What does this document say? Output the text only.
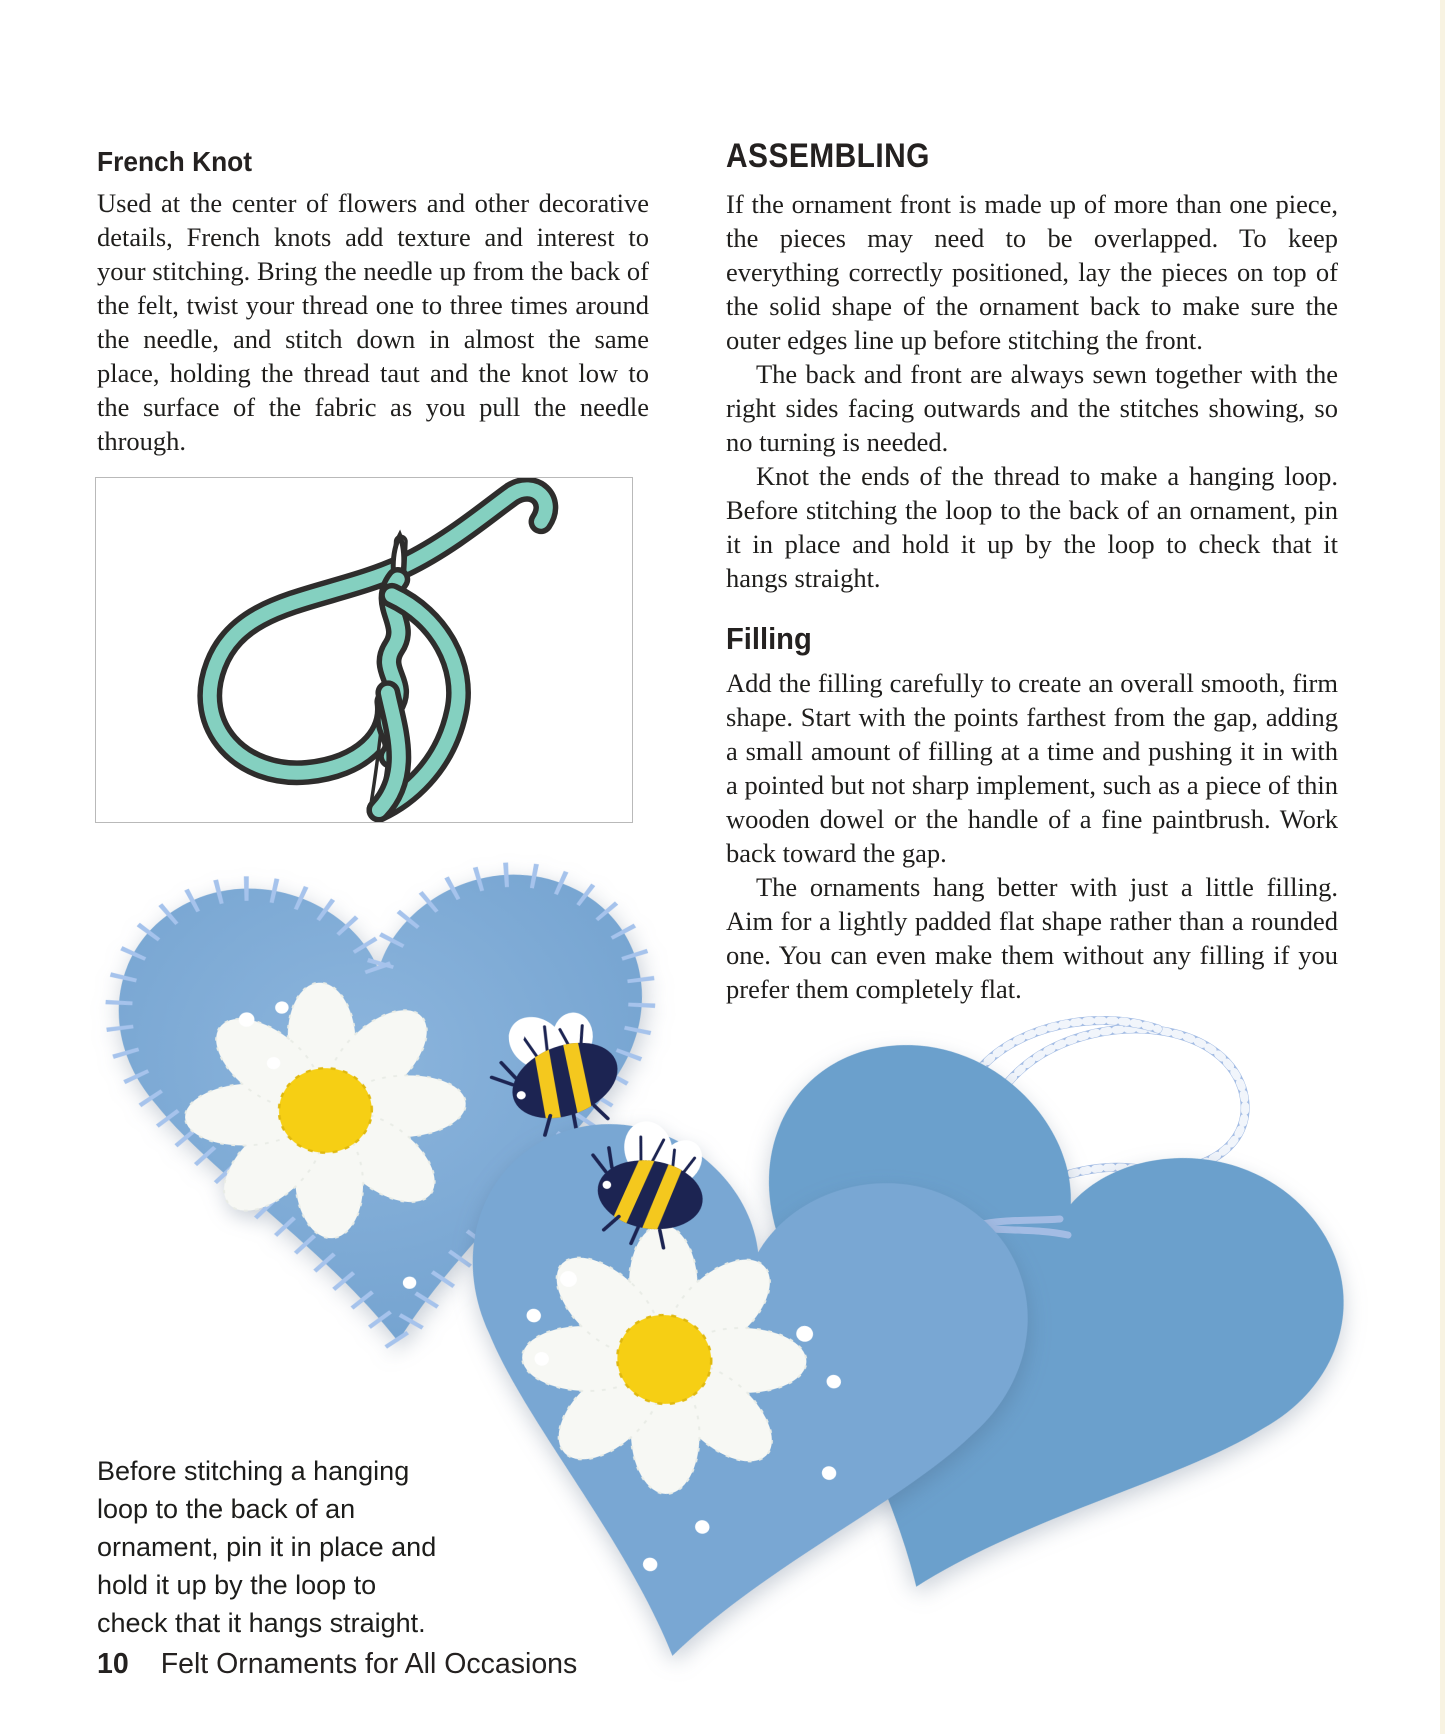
French Knot

Used at the center of flowers and other decorative details, French knots add texture and interest to your stitching. Bring the needle up from the back of the felt, twist your thread one to three times around the needle, and stitch down in almost the same place, holding the thread taut and the knot low to the surface of the fabric as you pull the needle through.

ASSEMBLING

If the ornament front is made up of more than one piece, the pieces may need to be overlapped. To keep everything correctly positioned, lay the pieces on top of the solid shape of the ornament back to make sure the outer edges line up before stitching the front.

The back and front are always sewn together with the right sides facing outwards and the stitches showing, so no turning is needed.

Knot the ends of the thread to make a hanging loop. Before stitching the loop to the back of an ornament, pin it in place and hold it up by the loop to check that it hangs straight.

Filling

Add the filling carefully to create an overall smooth, firm shape. Start with the points farthest from the gap, adding a small amount of filling at a time and pushing it in with a pointed but not sharp implement, such as a piece of thin wooden dowel or the handle of a fine paintbrush. Work back toward the gap.

The ornaments hang better with just a little filling. Aim for a lightly padded flat shape rather than a rounded one. You can even make them without any filling if you prefer them completely flat.

Before stitching a hanging loop to the back of an ornament, pin it in place and hold it up by the loop to check that it hangs straight.
10 Felt Ornaments for All Occasions
